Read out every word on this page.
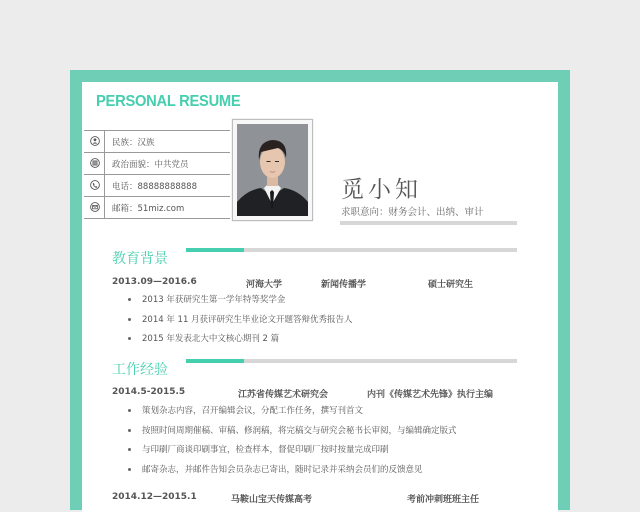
PERSONAL RESUME
民族：汉族
政治面貌：中共党员
电话：88888888888
邮箱：51miz.com
觅小知
求职意向：财务会计、出纳、审计
教育背景
2013.09—2016.6	河海大学	新闻传播学	硕士研究生
2013 年获研究生第一学年特等奖学金
2014 年 11 月获评研究生毕业论文开题答辩优秀报告人
2015 年发表北大中文核心期刊 2 篇
工作经验
2014.5-2015.5	江苏省传媒艺术研究会	内刊《传媒艺术先锋》执行主编
策划杂志内容，召开编辑会议，分配工作任务，撰写刊首文
按照时间周期催稿、审稿、修润稿，将完稿交与研究会秘书长审阅，与编辑确定版式
与印刷厂商谈印刷事宜，检查样本，督促印刷厂按时按量完成印刷
邮寄杂志，并邮件告知会员杂志已寄出，随时记录并采纳会员们的反馈意见
2014.12—2015.1	马鞍山宝天传媒高考	考前冲刺班班主任
